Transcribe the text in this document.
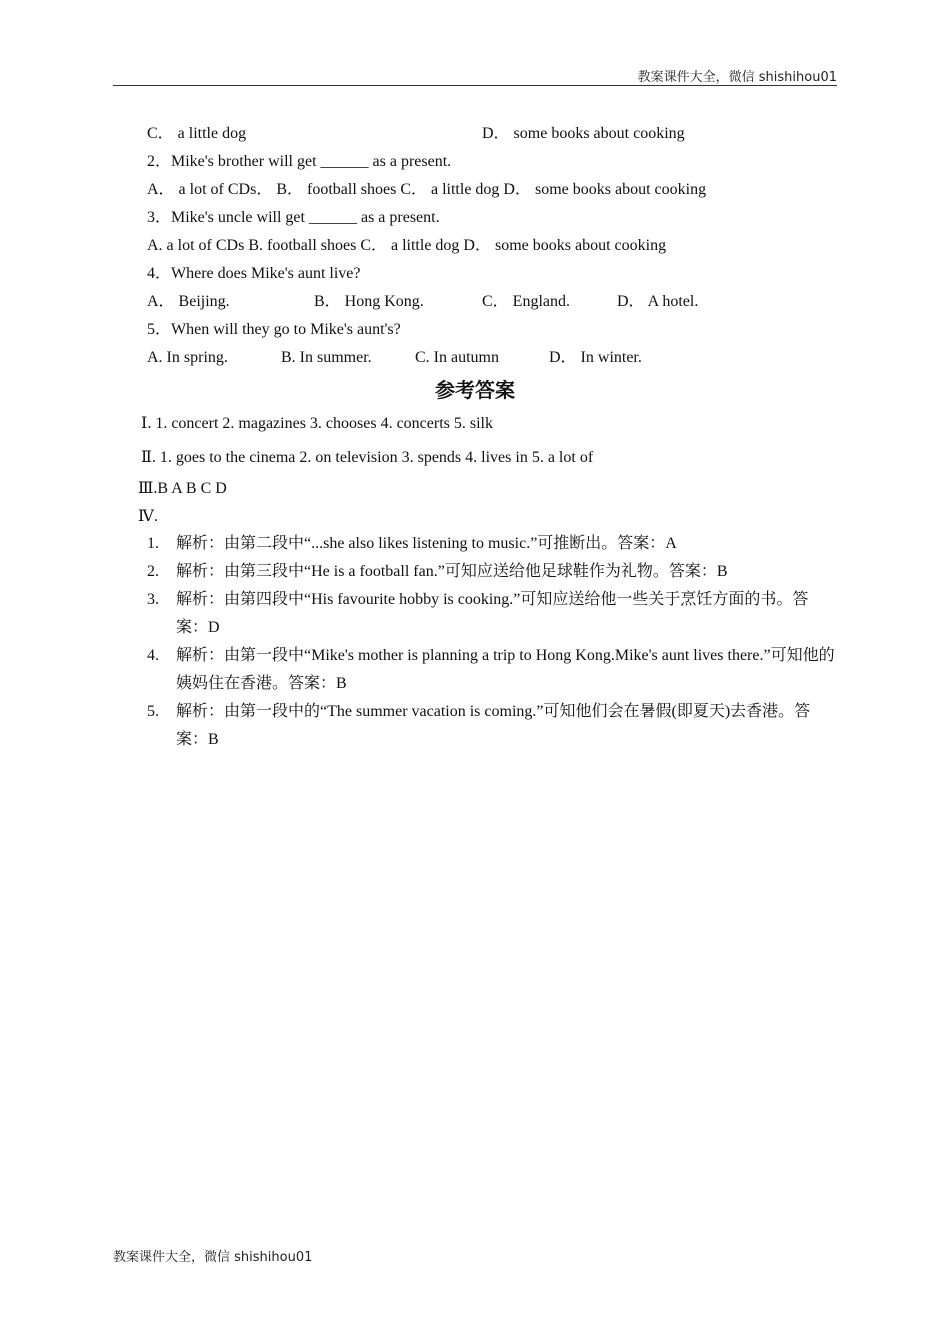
教案课件大全，微信 shishihou01
C． a little dog	D． some books about cooking
2．Mike's brother will get ______ as a present.
A． a lot of CDs． B． football shoes C． a little dog D． some books about cooking
3．Mike's uncle will get ______ as a present.
A. a lot of CDs B. football shoes C． a little dog D． some books about cooking
4．Where does Mike's aunt live?
A． Beijing.	B． Hong Kong.	C． England.	D． A hotel.
5．When will they go to Mike's aunt's?
A. In spring.	B. In summer.	C. In autumn	D． In winter.
参考答案
Ⅰ. 1. concert 2. magazines 3. chooses 4. concerts 5. silk
Ⅱ. 1. goes to the cinema 2. on television 3. spends 4. lives in 5. a lot of
Ⅲ.B A B C D
Ⅳ.
1. 解析：由第二段中“...she also likes listening to music.”可推断出。答案：A
2. 解析：由第三段中“He is a football fan.”可知应送给他足球鞋作为礼物。答案：B
3. 解析：由第四段中“His favourite hobby is cooking.”可知应送给他一些关于烹饪方面的书。答案：D
4. 解析：由第一段中“Mike's mother is planning a trip to Hong Kong.Mike's aunt lives there.”可知他的姨妈住在香港。答案：B
5. 解析：由第一段中的“The summer vacation is coming.”可知他们会在暑假(即夏天)去香港。答案：B
教案课件大全，微信 shishihou01
